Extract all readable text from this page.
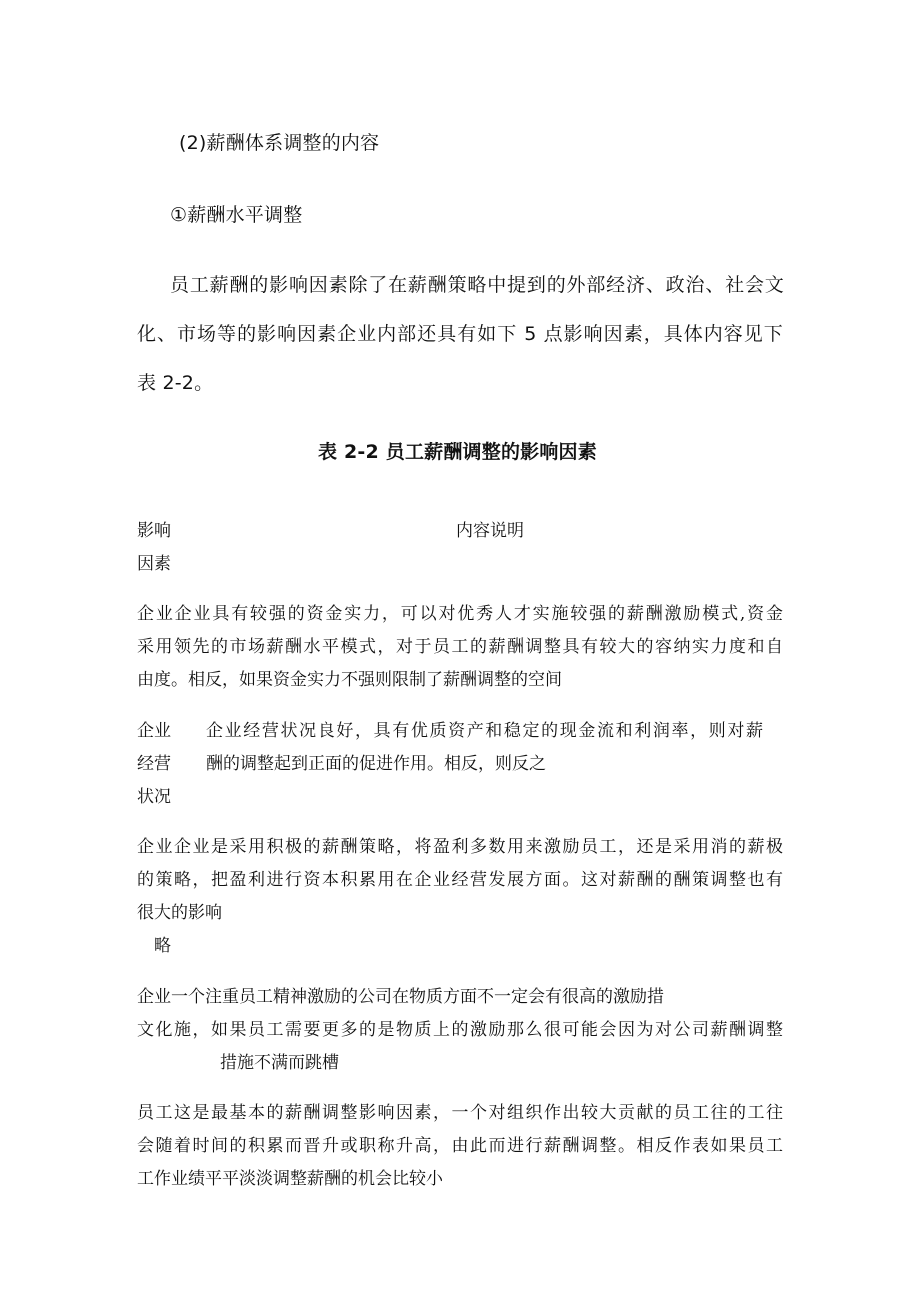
(2)薪酬体系调整的内容
①薪酬水平调整
员工薪酬的影响因素除了在薪酬策略中提到的外部经济、政治、社会文
化、市场等的影响因素企业内部还具有如下 5 点影响因素，具体内容见下
表 2-2。
表 2-2 员工薪酬调整的影响因素
影响
因素
内容说明
企业企业具有较强的资金实力，可以对优秀人才实施较强的薪酬激励模式,资金
采用领先的市场薪酬水平模式，对于员工的薪酬调整具有较大的容纳实力度和自
由度。相反，如果资金实力不强则限制了薪酬调整的空间
企业
经营
状况
企业经营状况良好，具有优质资产和稳定的现金流和利润率，则对薪
酬的调整起到正面的促进作用。相反，则反之
企业企业是采用积极的薪酬策略，将盈利多数用来激励员工，还是采用消的薪极
的策略，把盈利进行资本积累用在企业经营发展方面。这对薪酬的酬策调整也有
很大的影响
略
企业一个注重员工精神激励的公司在物质方面不一定会有很高的激励措
文化施，如果员工需要更多的是物质上的激励那么很可能会因为对公司薪酬调整
措施不满而跳槽
员工这是最基本的薪酬调整影响因素，一个对组织作出较大贡献的员工往的工往
会随着时间的积累而晋升或职称升高，由此而进行薪酬调整。相反作表如果员工
工作业绩平平淡淡调整薪酬的机会比较小
